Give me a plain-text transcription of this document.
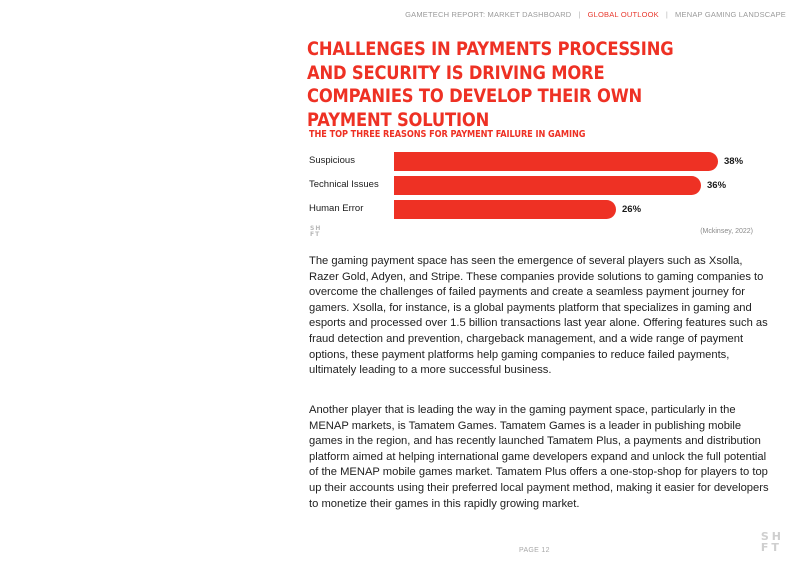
GAMETECH REPORT: MARKET DASHBOARD | GLOBAL OUTLOOK | MENAP GAMING LANDSCAPE
CHALLENGES IN PAYMENTS PROCESSING AND SECURITY IS DRIVING MORE COMPANIES TO DEVELOP THEIR OWN PAYMENT SOLUTION
THE TOP THREE REASONS FOR PAYMENT FAILURE IN GAMING
Suspicious	38%
Technical Issues	36%
Human Error	26%
SH
FT	(Mckinsey, 2022)

The gaming payment space has seen the emergence of several players such as Xsolla, Razer Gold, Adyen, and Stripe. These companies provide solutions to gaming companies to overcome the challenges of failed payments and create a seamless payment journey for gamers. Xsolla, for instance, is a global payments platform that specializes in gaming and esports and processed over 1.5 billion transactions last year alone. Offering features such as fraud detection and prevention, chargeback management, and a wide range of payment options, these payment platforms help gaming companies to reduce failed payments, ultimately leading to a more successful business.

Another player that is leading the way in the gaming payment space, particularly in the MENAP markets, is Tamatem Games. Tamatem Games is a leader in publishing mobile games in the region, and has recently launched Tamatem Plus, a payments and distribution platform aimed at helping international game developers expand and unlock the full potential of the MENAP mobile games market. Tamatem Plus offers a one-stop-shop for players to top up their accounts using their preferred local payment method, making it easier for developers to monetize their games in this rapidly growing market.

PAGE 12
SH
FT
